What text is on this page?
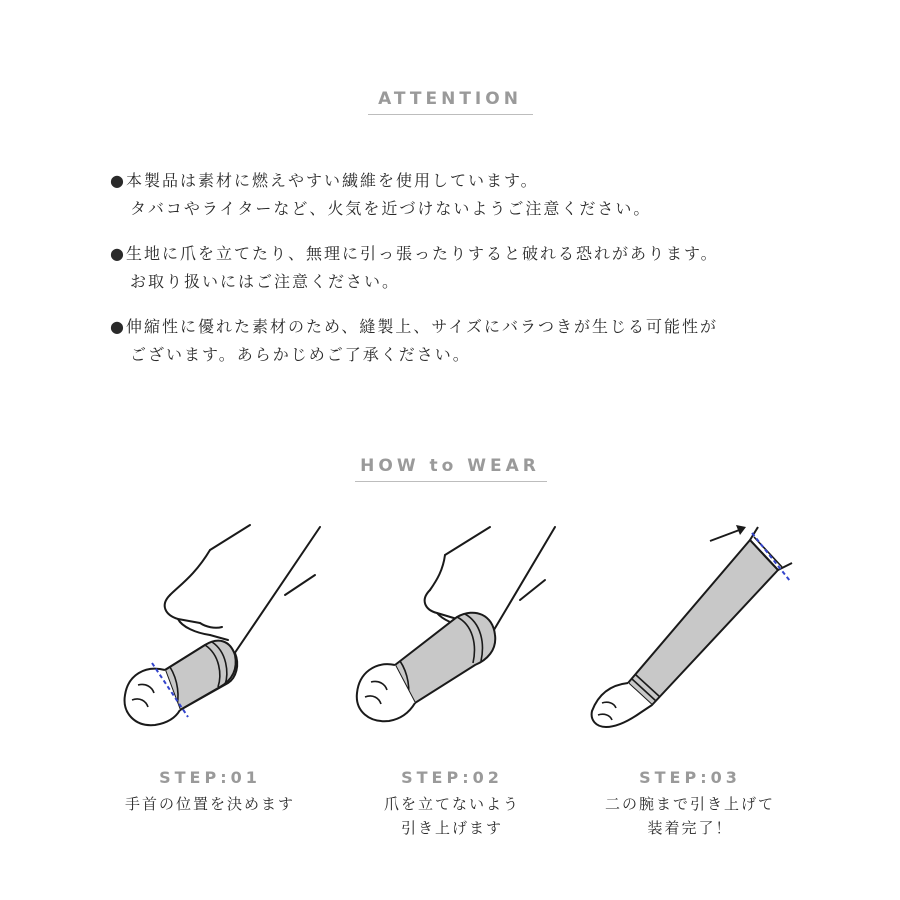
ATTENTION
●本製品は素材に燃えやすい繊維を使用しています。
タバコやライターなど、火気を近づけないようご注意ください。
●生地に爪を立てたり、無理に引っ張ったりすると破れる恐れがあります。
お取り扱いにはご注意ください。
●伸縮性に優れた素材のため、縫製上、サイズにバラつきが生じる可能性が
ございます。あらかじめご了承ください。
HOW to WEAR
STEP:01
手首の位置を決めます
STEP:02
爪を立てないよう
引き上げます
STEP:03
二の腕まで引き上げて
装着完了！
